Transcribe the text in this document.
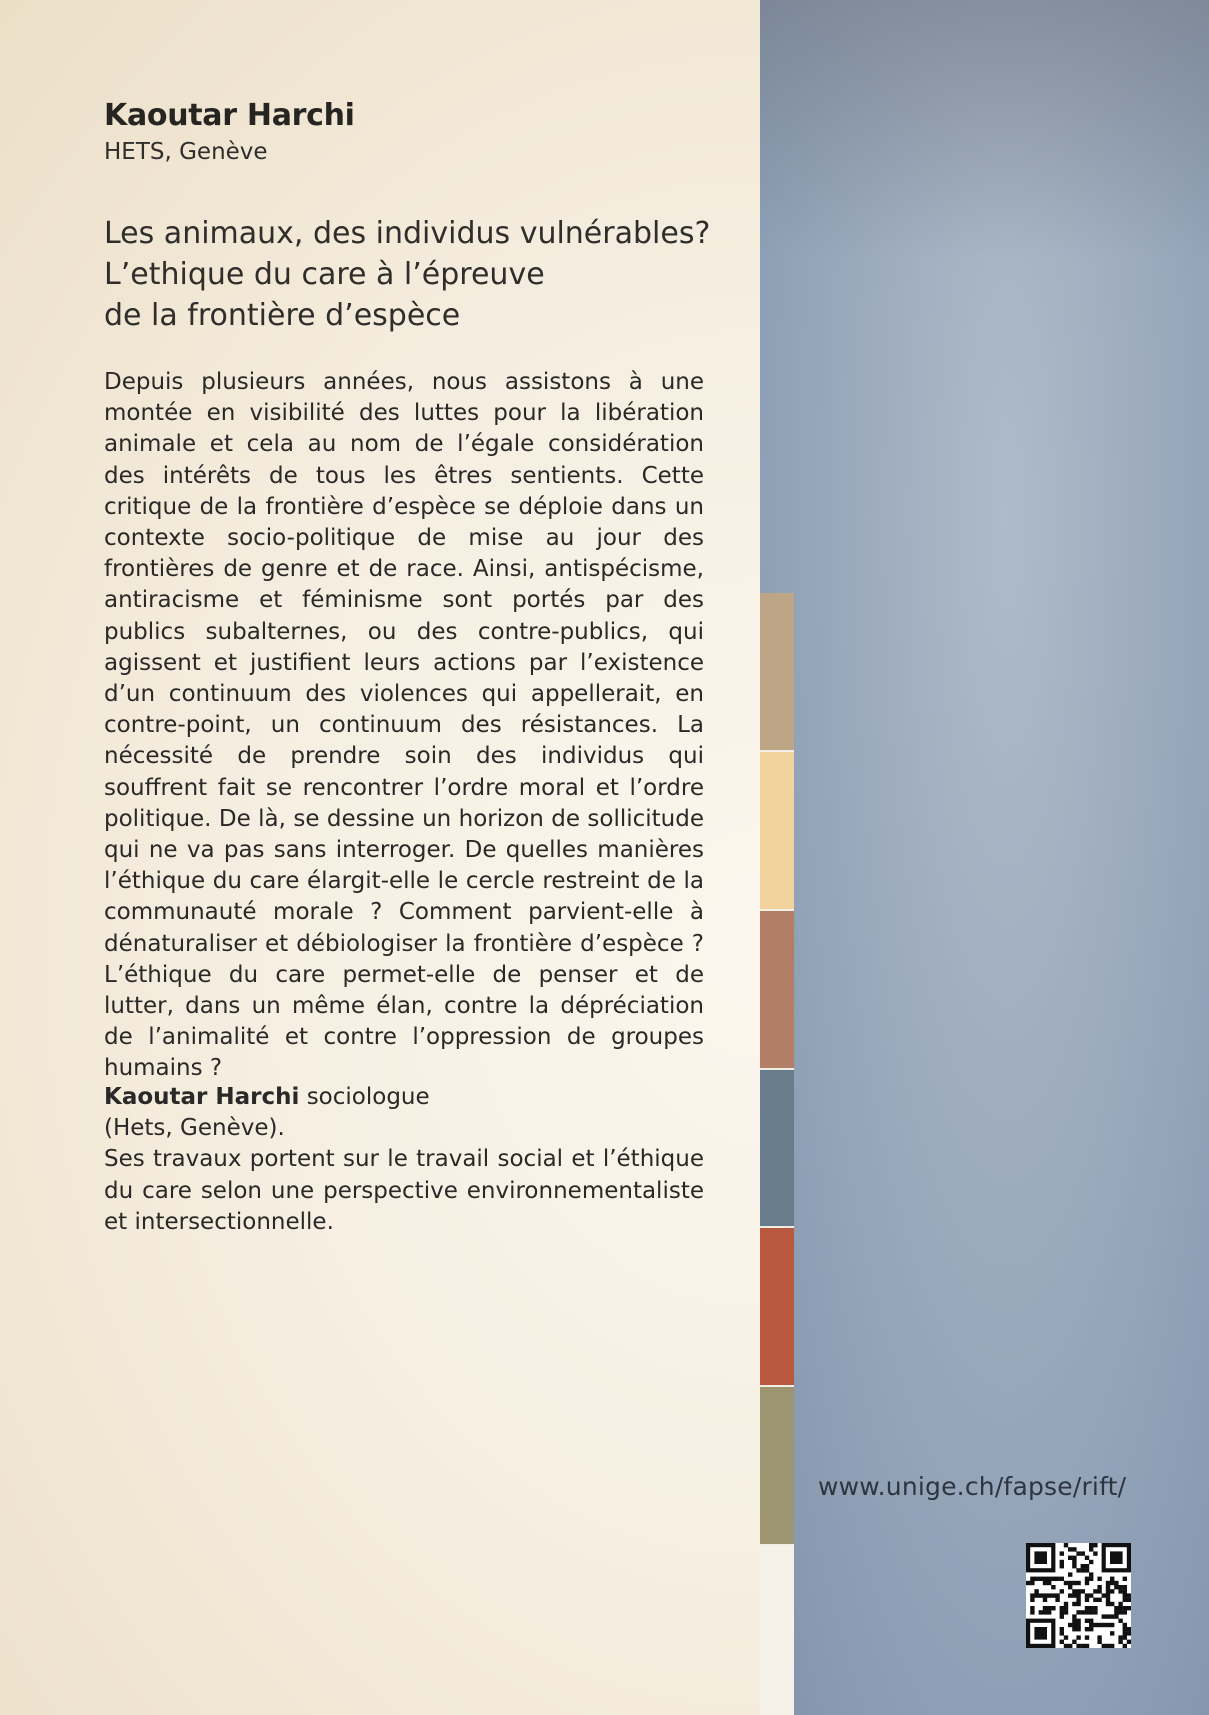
Kaoutar Harchi
HETS, Genève
Les animaux, des individus vulnérables?
L’ethique du care à l’épreuve
de la frontière d’espèce
Depuis plusieurs années, nous assistons à une montée en visibilité des luttes pour la libération animale et cela au nom de l’égale considération des intérêts de tous les êtres sentients. Cette critique de la frontière d’espèce se déploie dans un contexte socio-politique de mise au jour des frontières de genre et de race. Ainsi, antispécisme, antiracisme et féminisme sont portés par des publics subalternes, ou des contre-publics, qui agissent et justifient leurs actions par l’existence d’un continuum des violences qui appellerait, en contre-point, un continuum des résistances. La nécessité de prendre soin des individus qui souffrent fait se rencontrer l’ordre moral et l’ordre politique. De là, se dessine un horizon de sollicitude qui ne va pas sans interroger. De quelles manières l’éthique du care élargit-elle le cercle restreint de la communauté morale ? Comment parvient-elle à dénaturaliser et débiologiser la frontière d’espèce ? L’éthique du care permet-elle de penser et de lutter, dans un même élan, contre la dépréciation de l’animalité et contre l’oppression de groupes humains ?
Kaoutar Harchi sociologue
(Hets, Genève).
Ses travaux portent sur le travail social et l’éthique du care selon une perspective environnementaliste et intersectionnelle.
www.unige.ch/fapse/rift/
